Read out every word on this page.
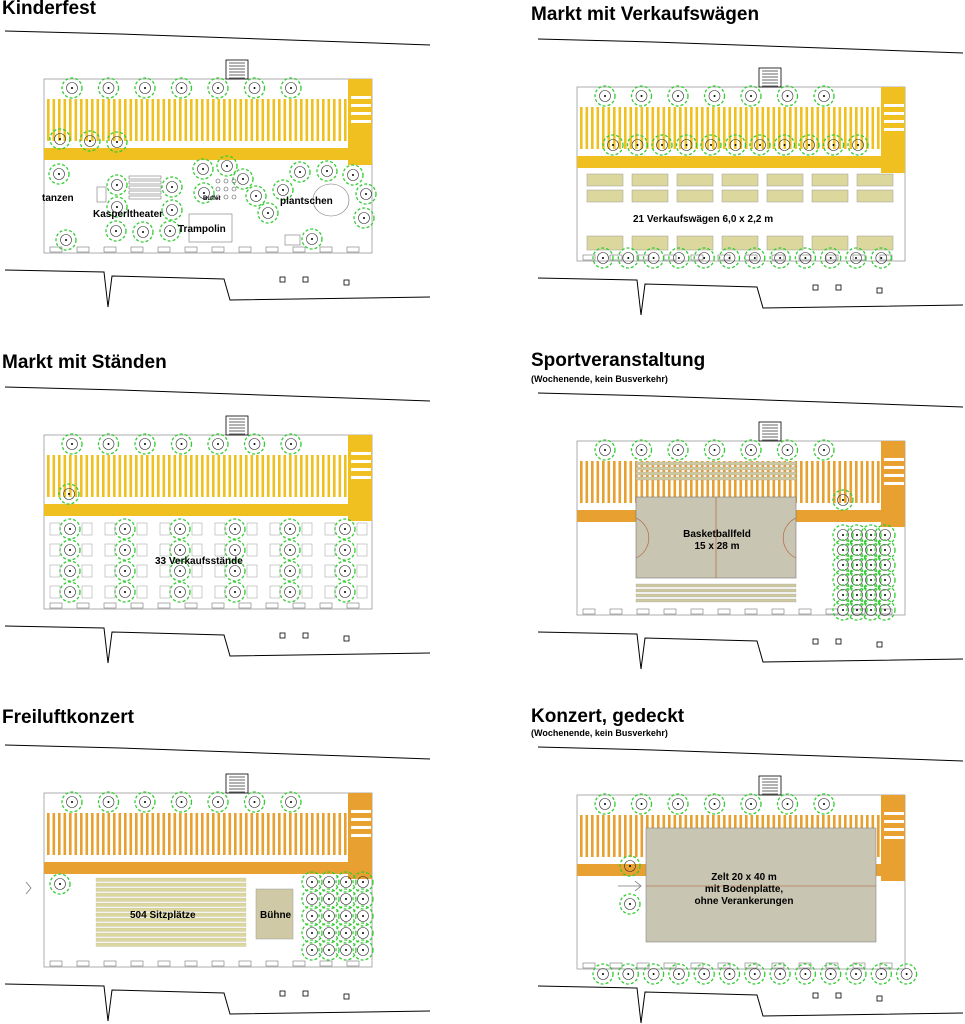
Kinderfest
tanzen
Kasperltheater
Buffet
Trampolin
plantschen
Markt mit Verkaufswägen
21 Verkaufswägen 6,0 x 2,2 m
Markt mit Ständen
33 Verkaufsstände
Sportveranstaltung
(Wochenende, kein Busverkehr)
Basketballfeld
15 x 28 m
Freiluftkonzert
504 Sitzplätze	Bühne
Konzert, gedeckt
(Wochenende, kein Busverkehr)
Zelt 20 x 40 m
mit Bodenplatte,
ohne Verankerungen
